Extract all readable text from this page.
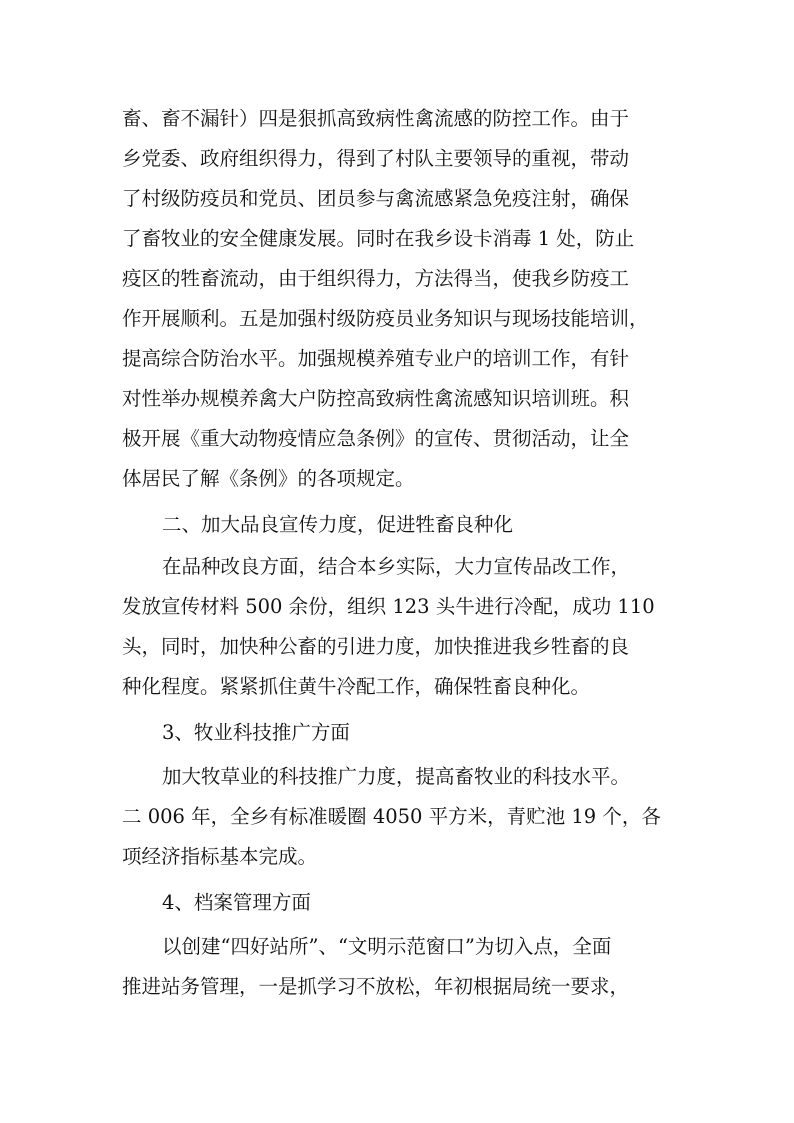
畜、畜不漏针）四是狠抓高致病性禽流感的防控工作。由于
乡党委、政府组织得力，得到了村队主要领导的重视，带动
了村级防疫员和党员、团员参与禽流感紧急免疫注射，确保
了畜牧业的安全健康发展。同时在我乡设卡消毒 1 处，防止
疫区的牲畜流动，由于组织得力，方法得当，使我乡防疫工
作开展顺利。五是加强村级防疫员业务知识与现场技能培训，
提高综合防治水平。加强规模养殖专业户的培训工作，有针
对性举办规模养禽大户防控高致病性禽流感知识培训班。积
极开展《重大动物疫情应急条例》的宣传、贯彻活动，让全
体居民了解《条例》的各项规定。
二、加大品良宣传力度，促进牲畜良种化
在品种改良方面，结合本乡实际，大力宣传品改工作，
发放宣传材料 500 余份，组织 123 头牛进行冷配，成功 110
头，同时，加快种公畜的引进力度，加快推进我乡牲畜的良
种化程度。紧紧抓住黄牛冷配工作，确保牲畜良种化。
3、牧业科技推广方面
加大牧草业的科技推广力度，提高畜牧业的科技水平。
二 006 年，全乡有标准暖圈 4050 平方米，青贮池 19 个，各
项经济指标基本完成。
4、档案管理方面
以创建“四好站所”、“文明示范窗口”为切入点，全面
推进站务管理，一是抓学习不放松，年初根据局统一要求，
